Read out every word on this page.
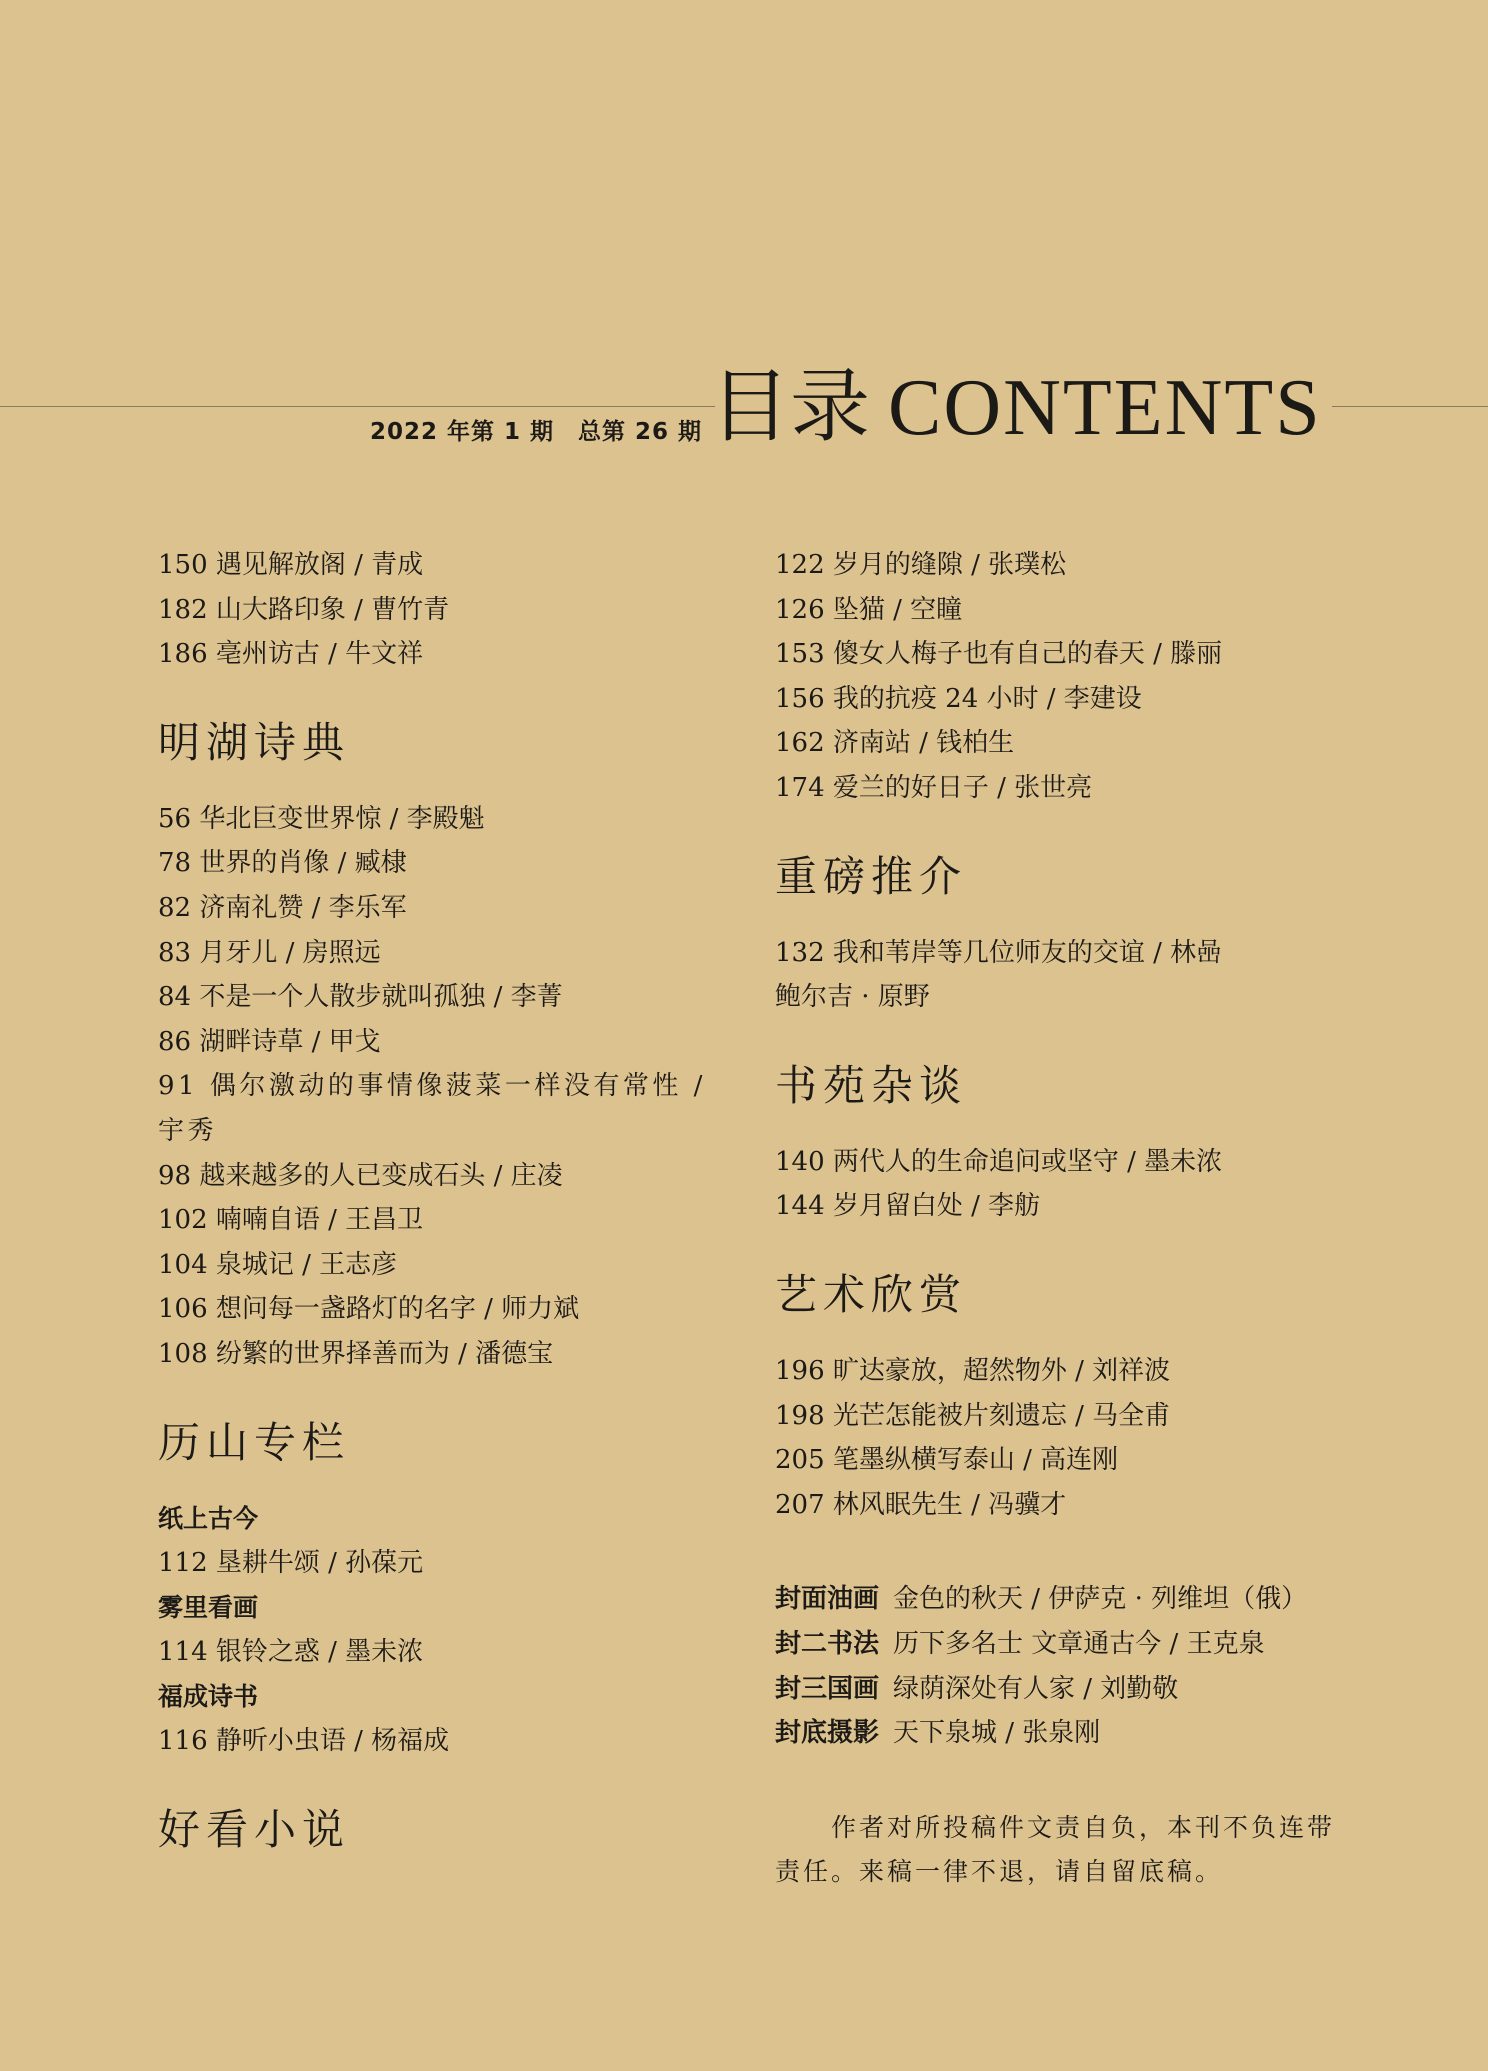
2022 年第 1 期　总第 26 期 目录 CONTENTS
150 遇见解放阁 / 青成
182 山大路印象 / 曹竹青
186 亳州访古 / 牛文祥
明湖诗典
56 华北巨变世界惊 / 李殿魁
78 世界的肖像 / 臧棣
82 济南礼赞 / 李乐军
83 月牙儿 / 房照远
84 不是一个人散步就叫孤独 / 李菁
86 湖畔诗草 / 甲戈
91 偶尔激动的事情像菠菜一样没有常性 / 宇秀
98 越来越多的人已变成石头 / 庄凌
102 喃喃自语 / 王昌卫
104 泉城记 / 王志彦
106 想问每一盏路灯的名字 / 师力斌
108 纷繁的世界择善而为 / 潘德宝
历山专栏
纸上古今
112 垦耕牛颂 / 孙葆元
雾里看画
114 银铃之惑 / 墨未浓
福成诗书
116 静听小虫语 / 杨福成
好看小说
122 岁月的缝隙 / 张璞松
126 坠猫 / 空瞳
153 傻女人梅子也有自己的春天 / 滕丽
156 我的抗疫 24 小时 / 李建设
162 济南站 / 钱柏生
174 爱兰的好日子 / 张世亮
重磅推介
132 我和苇岸等几位师友的交谊 / 林喦
鲍尔吉 · 原野
书苑杂谈
140 两代人的生命追问或坚守 / 墨未浓
144 岁月留白处 / 李舫
艺术欣赏
196 旷达豪放，超然物外 / 刘祥波
198 光芒怎能被片刻遗忘 / 马全甫
205 笔墨纵横写泰山 / 高连刚
207 林风眠先生 / 冯骥才
封面油画 金色的秋天 / 伊萨克 · 列维坦（俄）
封二书法 历下多名士 文章通古今 / 王克泉
封三国画 绿荫深处有人家 / 刘勤敬
封底摄影 天下泉城 / 张泉刚
作者对所投稿件文责自负，本刊不负连带责任。来稿一律不退，请自留底稿。
